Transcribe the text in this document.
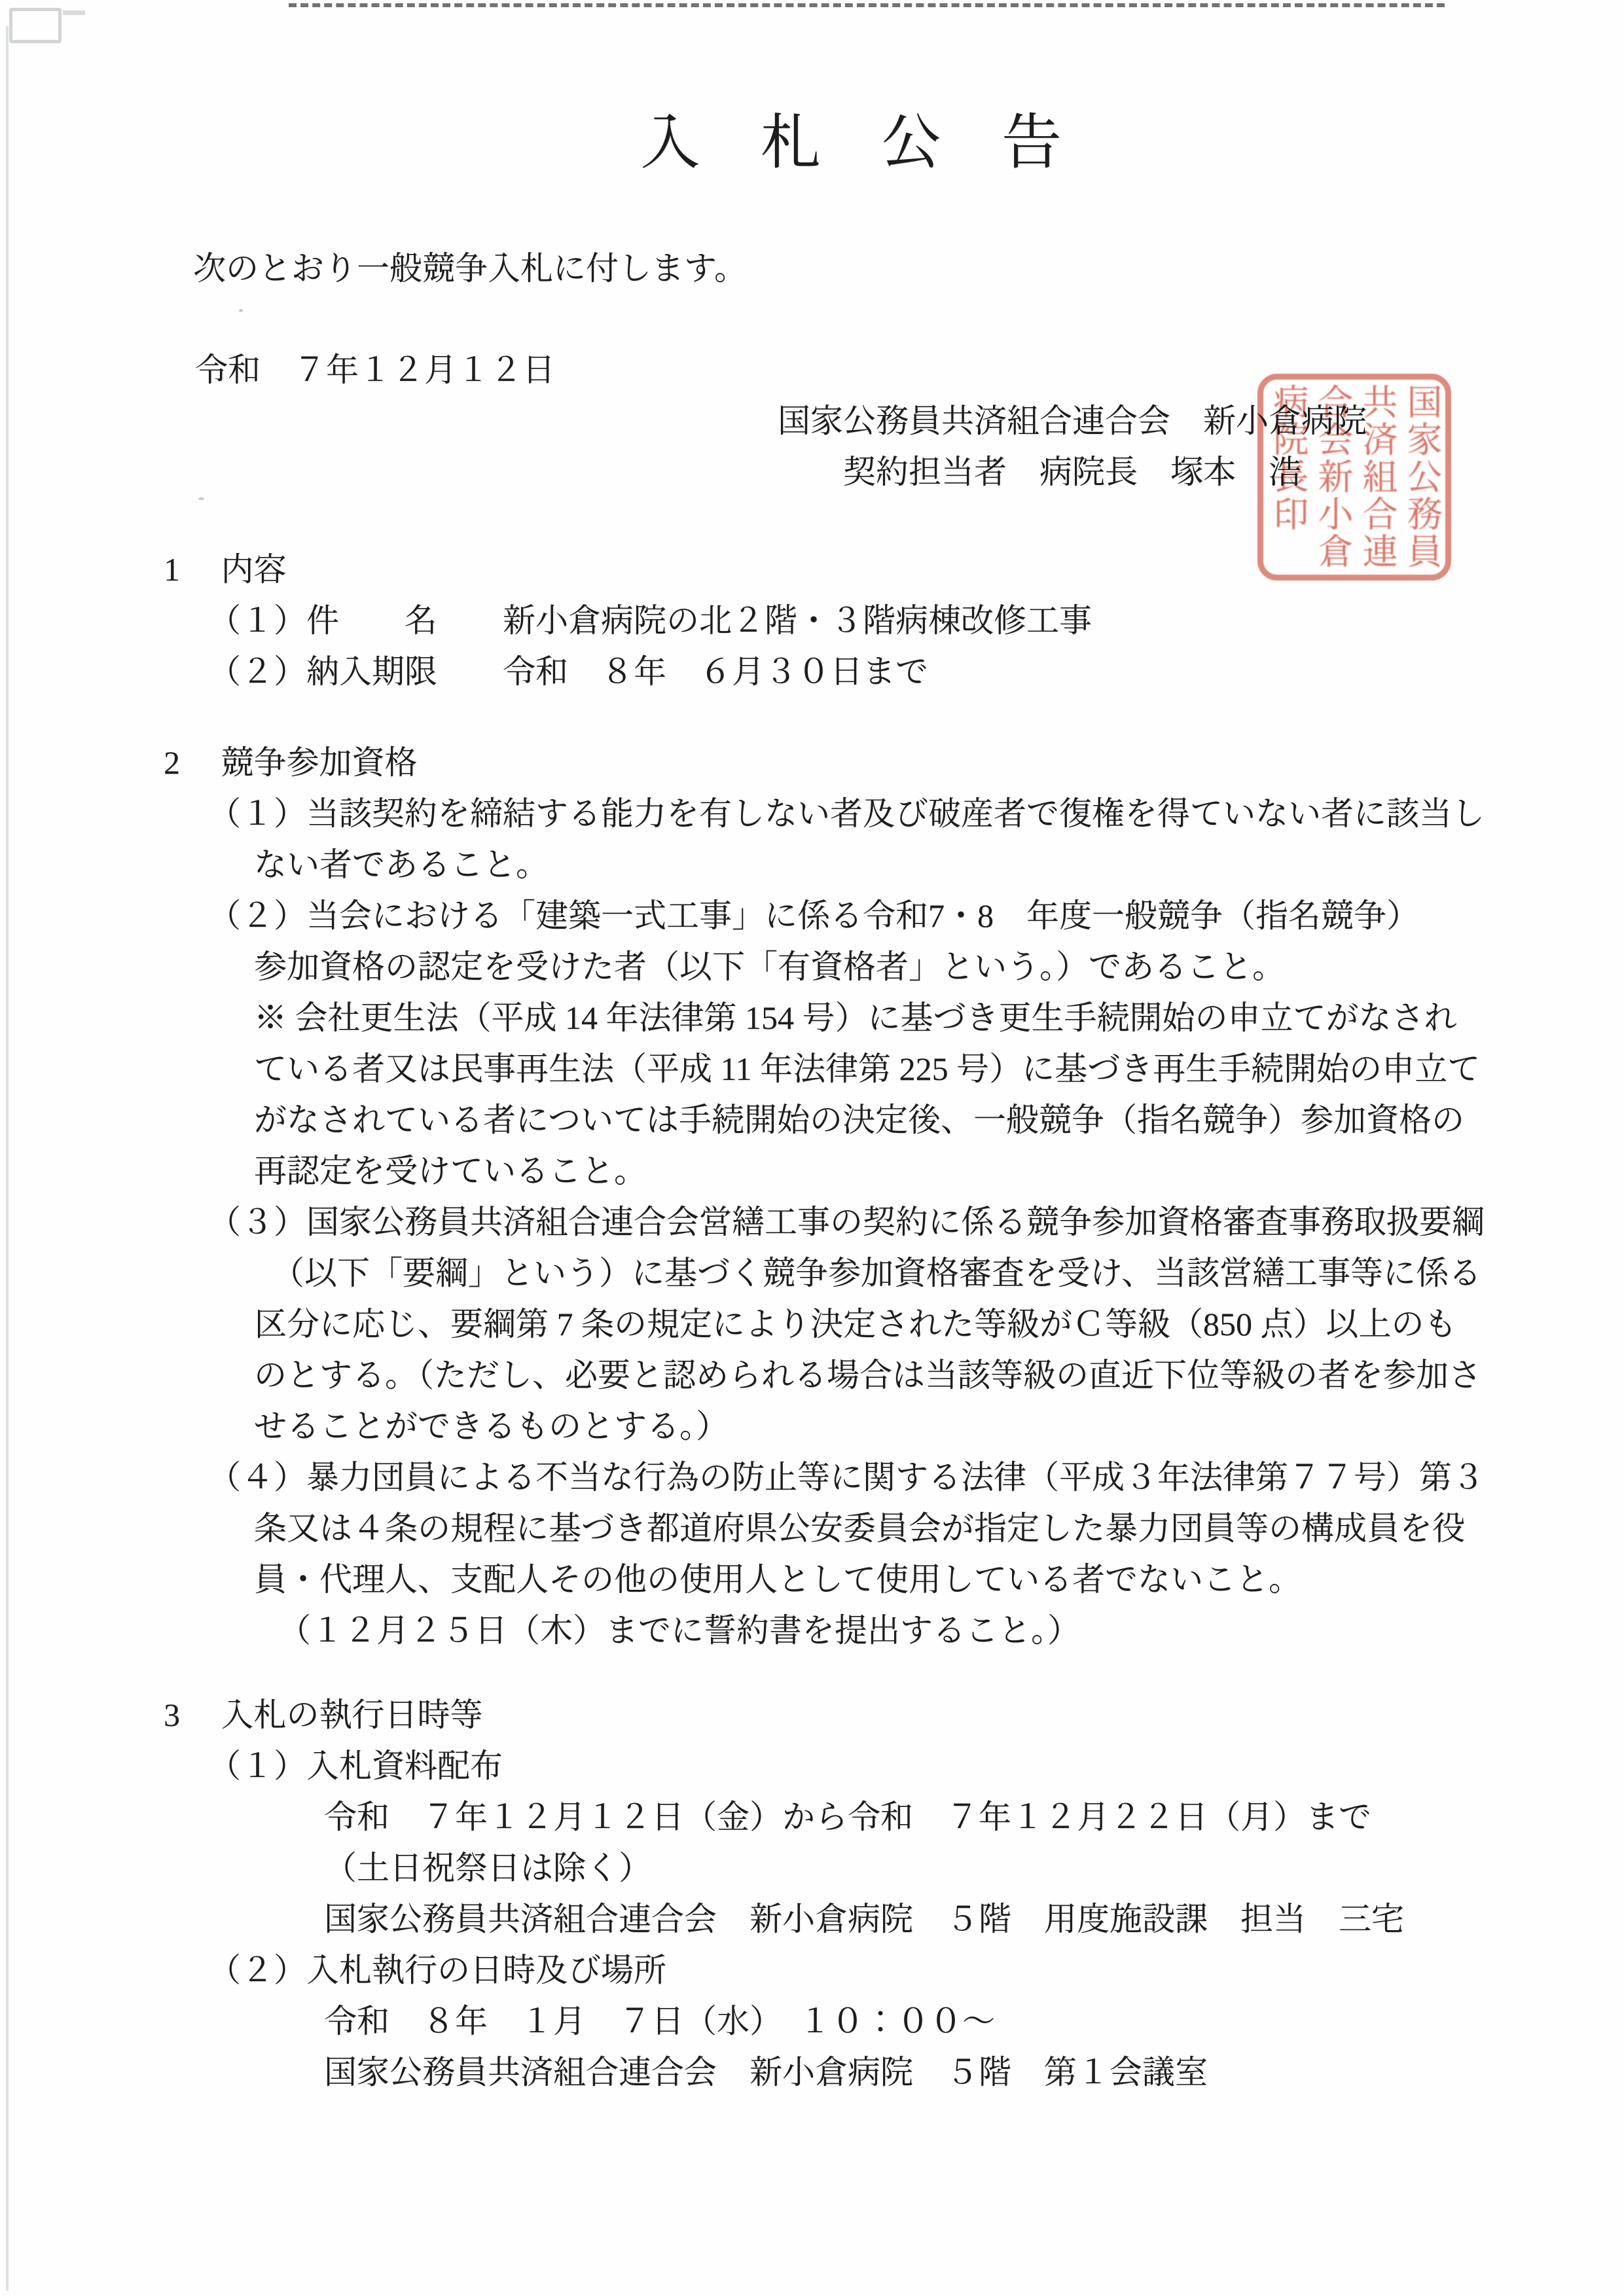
入　札　公　告
次のとおり一般競争入札に付します。
令和　７年１２月１２日
国家公務員共済組合連合会　新小倉病院
契約担当者　病院長　塚本　浩	国家公務員共済組合連合会新小倉病院長印
1　 内容
（１）件　　名　　新小倉病院の北２階・３階病棟改修工事
（２）納入期限　　令和　８年　６月３０日まで
2　 競争参加資格
（１）当該契約を締結する能力を有しない者及び破産者で復権を得ていない者に該当し
ない者であること。
（２）当会における「建築一式工事」に係る令和7・8　年度一般競争（指名競争）
参加資格の認定を受けた者（以下「有資格者」という。）であること。
※ 会社更生法（平成 14 年法律第 154 号）に基づき更生手続開始の申立てがなされ
ている者又は民事再生法（平成 11 年法律第 225 号）に基づき再生手続開始の申立て
がなされている者については手続開始の決定後、一般競争（指名競争）参加資格の
再認定を受けていること。
（３）国家公務員共済組合連合会営繕工事の契約に係る競争参加資格審査事務取扱要綱
（以下「要綱」という）に基づく競争参加資格審査を受け、当該営繕工事等に係る
区分に応じ、要綱第 7 条の規定により決定された等級がＣ等級（850 点）以上のも
のとする。（ただし、必要と認められる場合は当該等級の直近下位等級の者を参加さ
せることができるものとする。）
（４）暴力団員による不当な行為の防止等に関する法律（平成３年法律第７７号）第３
条又は４条の規程に基づき都道府県公安委員会が指定した暴力団員等の構成員を役
員・代理人、支配人その他の使用人として使用している者でないこと。
（１２月２５日（木）までに誓約書を提出すること。）
3　 入札の執行日時等
（１）入札資料配布
令和　７年１２月１２日（金）から令和　７年１２月２２日（月）まで
（土日祝祭日は除く）
国家公務員共済組合連合会　新小倉病院　５階　用度施設課　担当　三宅
（２）入札執行の日時及び場所
令和　８年　１月　７日（水）　１０：００～
国家公務員共済組合連合会　新小倉病院　５階　第１会議室
